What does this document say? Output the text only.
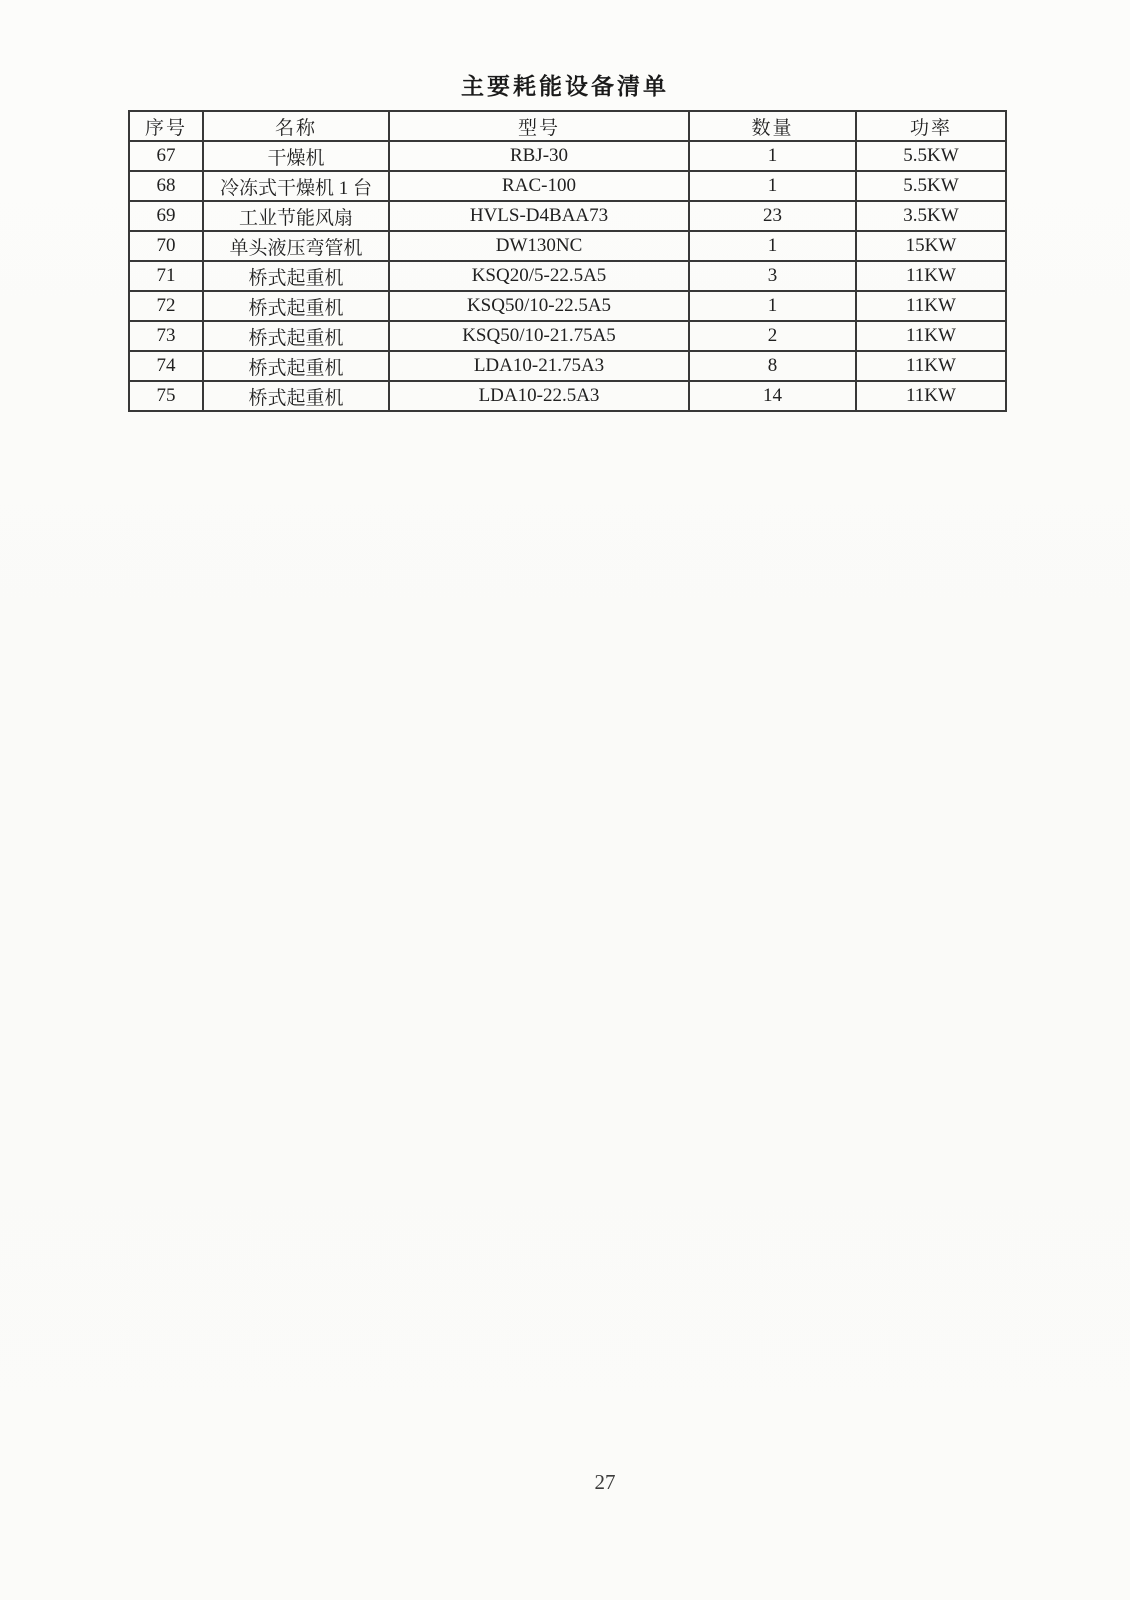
主要耗能设备清单
序号	名称	型号	数量	功率
67	干燥机	RBJ-30	1	5.5KW
68	冷冻式干燥机 1 台	RAC-100	1	5.5KW
69	工业节能风扇	HVLS-D4BAA73	23	3.5KW
70	单头液压弯管机	DW130NC	1	15KW
71	桥式起重机	KSQ20/5-22.5A5	3	11KW
72	桥式起重机	KSQ50/10-22.5A5	1	11KW
73	桥式起重机	KSQ50/10-21.75A5	2	11KW
74	桥式起重机	LDA10-21.75A3	8	11KW
75	桥式起重机	LDA10-22.5A3	14	11KW
27
